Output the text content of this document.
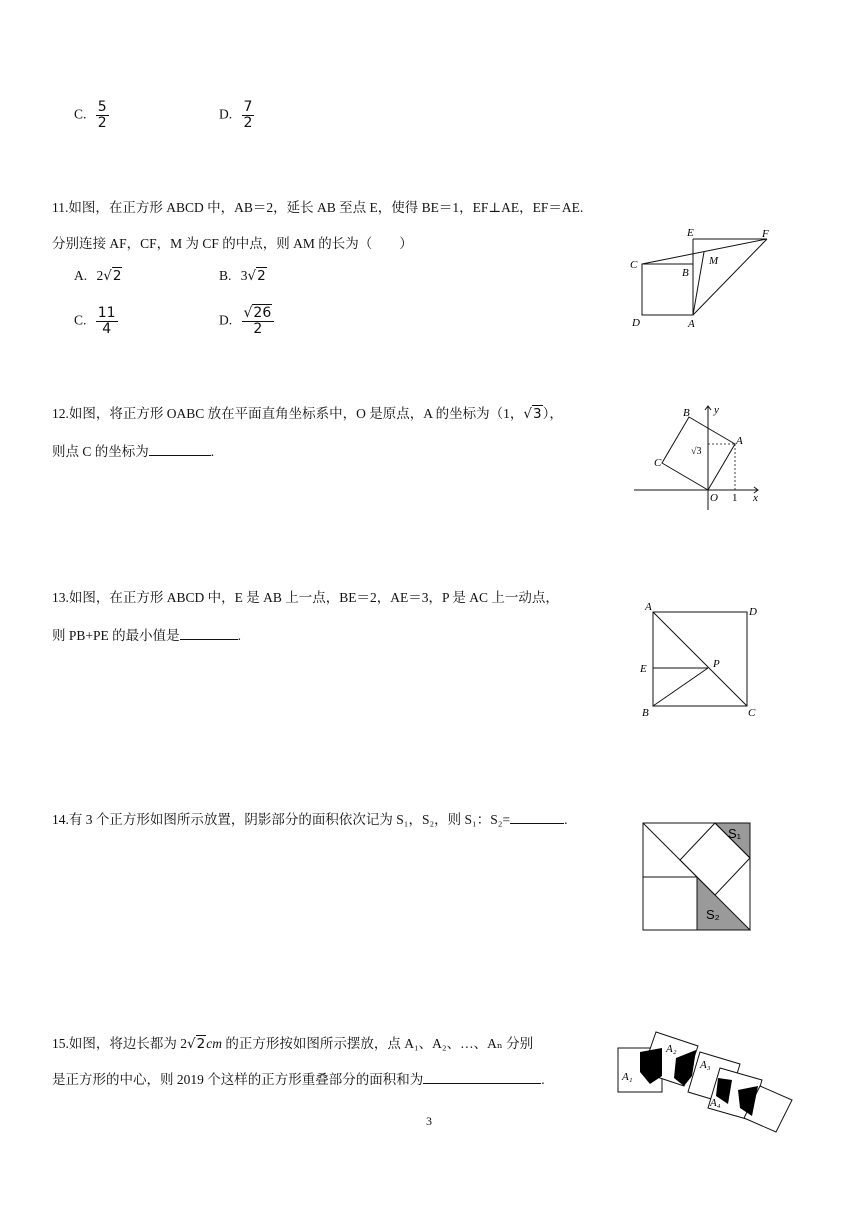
C. $\frac{5}{2}$	D. $\frac{7}{2}$
11.如图，在正方形 ABCD 中，AB＝2，延长 AB 至点 E，使得 BE＝1，EF⊥AE，EF＝AE.
分别连接 AF，CF，M 为 CF 的中点，则 AM 的长为（　　）
A. 2√2	B. 3√2
C. $\frac{11}{4}$	D. $\frac{√26}{2}$
E	F
C
B
M
D	A
12.如图，将正方形 OABC 放在平面直角坐标系中，O 是原点，A 的坐标为（1，√3），
则点 C 的坐标为	.
B y
A
C
√3
O 1 x
13.如图，在正方形 ABCD 中，E 是 AB 上一点，BE＝2，AE＝3，P 是 AC 上一动点，
则 PB+PE 的最小值是	.
A	D
E	P
B	C
14.有 3 个正方形如图所示放置，阴影部分的面积依次记为 S₁，S₂，则 S₁：S₂=	.
S₁
S₂
15.如图，将边长都为 2√2cm 的正方形按如图所示摆放，点 A₁、A₂、…、Aₙ 分别
是正方形的中心，则 2019 个这样的正方形重叠部分的面积和为	.	A₁
A₂
A₃
A₄
3
